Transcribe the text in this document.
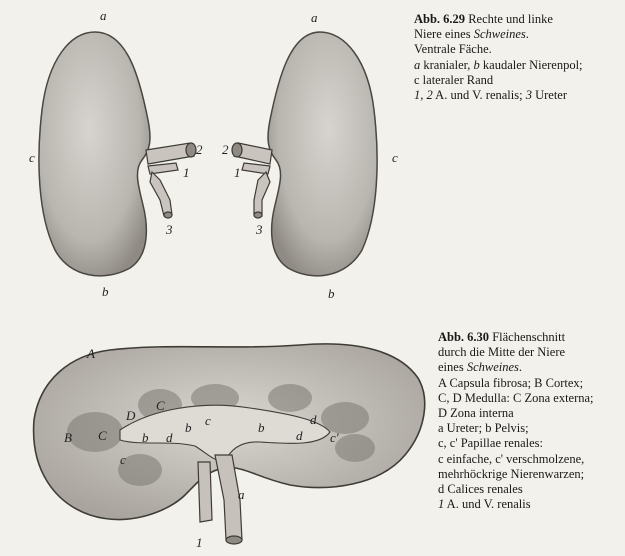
a
b
c
1
2
3
a
b
c
1
2
3
A
B
C
C
D
a
b
b	b
c
c
c'
d	d
d
1
Abb. 6.29 Rechte und linke
Niere eines Schweines.
Ventrale Fäche.
a kranialer, b kaudaler Nierenpol;
c lateraler Rand
1, 2 A. und V. renalis; 3 Ureter
Abb. 6.30 Flächenschnitt
durch die Mitte der Niere
eines Schweines.
A Capsula fibrosa; B Cortex;
C, D Medulla: C Zona externa;
D Zona interna
a Ureter; b Pelvis;
c, c' Papillae renales:
c einfache, c' verschmolzene,
mehrhöckrige Nierenwarzen;
d Calices renales
1 A. und V. renalis
